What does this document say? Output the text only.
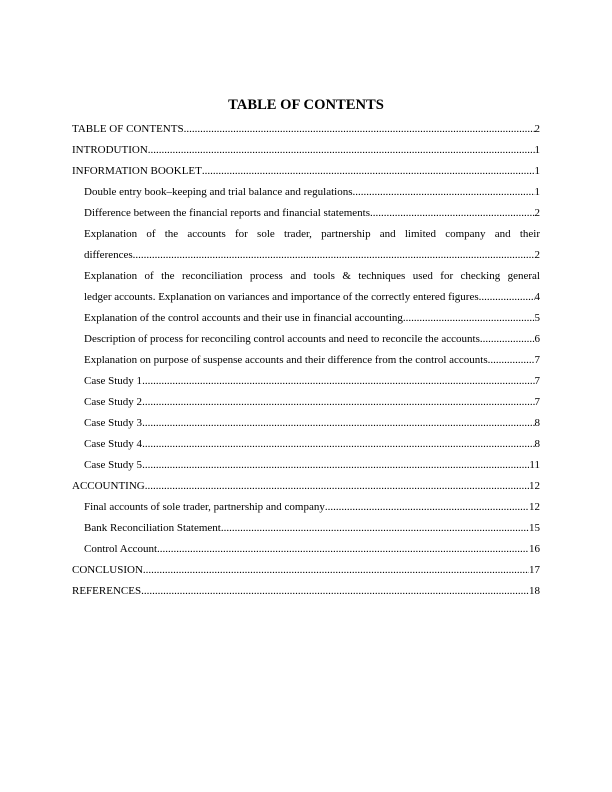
TABLE OF CONTENTS
TABLE OF CONTENTS .....	2
INTRODUTION .....	1
INFORMATION BOOKLET .....	1
Double entry book–keeping and trial balance and regulations .....	1
Difference between the financial reports and financial statements .....	2
Explanation of the accounts for sole trader, partnership and limited company and their
differences .....	2
Explanation of the reconciliation process and tools & techniques used for checking general
ledger accounts. Explanation on variances and importance of the correctly entered figures .....	4
Explanation of the control accounts and their use in financial accounting .....	5
Description of process for reconciling control accounts and need to reconcile the accounts .....	6
Explanation on purpose of suspense accounts and their difference from the control accounts .....	7
Case Study 1 .....	7
Case Study 2 .....	7
Case Study 3 .....	8
Case Study 4 .....	8
Case Study 5 .....	11
ACCOUNTING .....	12
Final accounts of sole trader, partnership and company .....	12
Bank Reconciliation Statement .....	15
Control Account .....	16
CONCLUSION .....	17
REFERENCES .....	18
